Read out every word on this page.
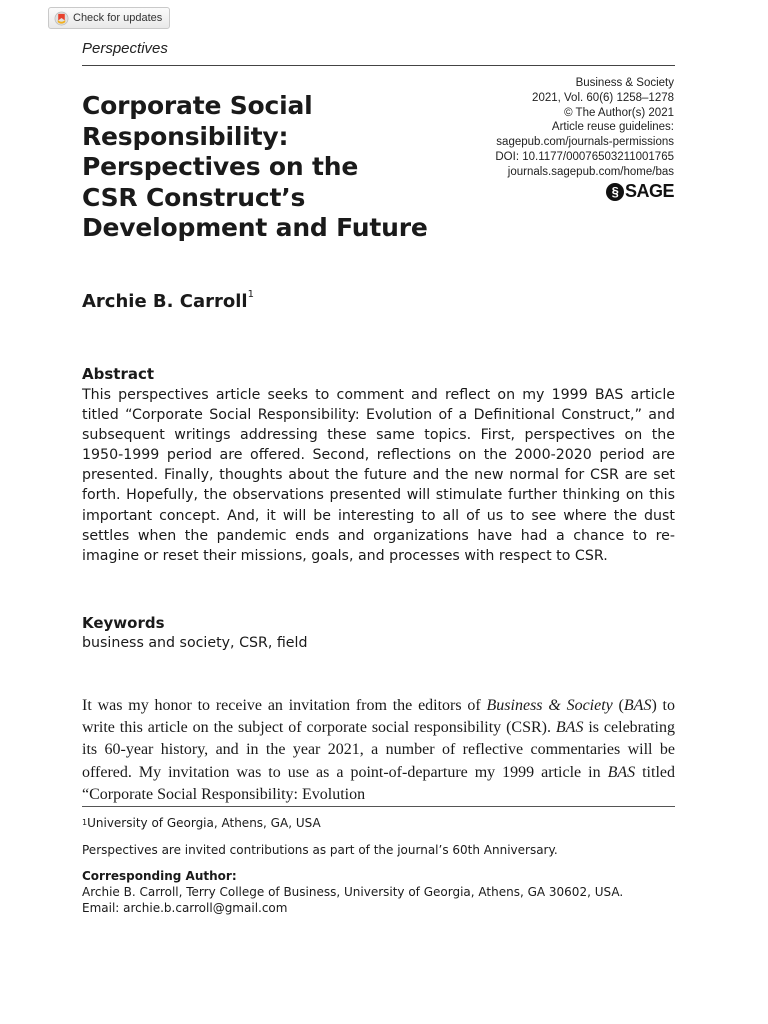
Check for updates
Perspectives
Corporate Social
Responsibility:
Perspectives on the
CSR Construct’s
Development and Future
Business & Society
2021, Vol. 60(6) 1258–1278
© The Author(s) 2021
Article reuse guidelines:
sagepub.com/journals-permissions
DOI: 10.1177/00076503211001765
journals.sagepub.com/home/bas
§ SAGE
Archie B. Carroll$^1$
Abstract

This perspectives article seeks to comment and reflect on my 1999 BAS article titled “Corporate Social Responsibility: Evolution of a Definitional Construct,” and subsequent writings addressing these same topics. First, perspectives on the 1950-1999 period are offered. Second, reflections on the 2000-2020 period are presented. Finally, thoughts about the future and the new normal for CSR are set forth. Hopefully, the observations presented will stimulate further thinking on this important concept. And, it will be interesting to all of us to see where the dust settles when the pandemic ends and organizations have had a chance to re-imagine or reset their missions, goals, and processes with respect to CSR.

Keywords
business and society, CSR, field

It was my honor to receive an invitation from the editors of Business & Society (BAS) to write this article on the subject of corporate social responsibility (CSR). BAS is celebrating its 60-year history, and in the year 2021, a number of reflective commentaries will be offered. My invitation was to use as a point-of-departure my 1999 article in BAS titled “Corporate Social Responsibility: Evolution

$^1$University of Georgia, Athens, GA, USA
Perspectives are invited contributions as part of the journal’s 60th Anniversary.
Corresponding Author:
Archie B. Carroll, Terry College of Business, University of Georgia, Athens, GA 30602, USA.
Email: archie.b.carroll@gmail.com
